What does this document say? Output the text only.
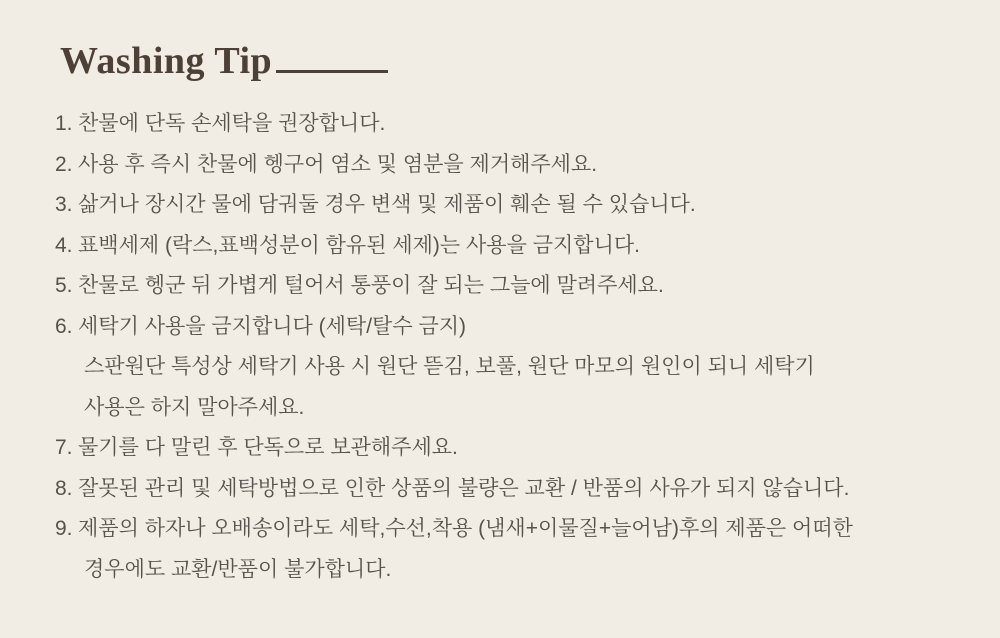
Washing Tip
1. 찬물에 단독 손세탁을 권장합니다.
2. 사용 후 즉시 찬물에 헹구어 염소 및 염분을 제거해주세요.
3. 삶거나 장시간 물에 담궈둘 경우 변색 및 제품이 훼손 될 수 있습니다.
4. 표백세제 (락스,표백성분이 함유된 세제)는 사용을 금지합니다.
5. 찬물로 헹군 뒤 가볍게 털어서 통풍이 잘 되는 그늘에 말려주세요.
6. 세탁기 사용을 금지합니다 (세탁/탈수 금지)
스판원단 특성상 세탁기 사용 시 원단 뜯김, 보풀, 원단 마모의 원인이 되니 세탁기
사용은 하지 말아주세요.
7. 물기를 다 말린 후 단독으로 보관해주세요.
8. 잘못된 관리 및 세탁방법으로 인한 상품의 불량은 교환 / 반품의 사유가 되지 않습니다.
9. 제품의 하자나 오배송이라도 세탁,수선,착용 (냄새+이물질+늘어남)후의 제품은 어떠한
경우에도 교환/반품이 불가합니다.
